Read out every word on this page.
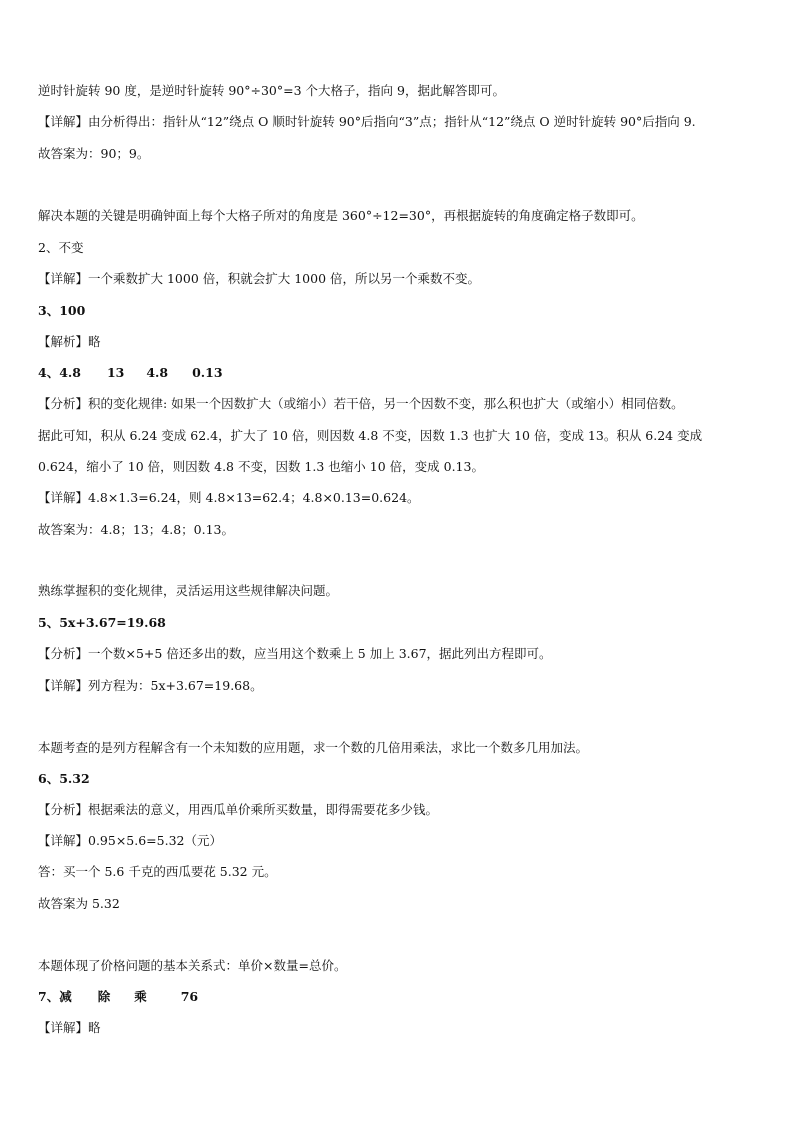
逆时针旋转 90 度，是逆时针旋转 90°÷30°=3 个大格子，指向 9，据此解答即可。
【详解】由分析得出：指针从“12”绕点 O 顺时针旋转 90°后指向“3”点；指针从“12”绕点 O 逆时针旋转 90°后指向 9.
故答案为：90；9。
解决本题的关键是明确钟面上每个大格子所对的角度是 360°÷12=30°，再根据旋转的角度确定格子数即可。
2、不变
【详解】一个乘数扩大 1000 倍，积就会扩大 1000 倍，所以另一个乘数不变。
3、100
【解析】略
4、4.8 13 4.8 0.13
【分析】积的变化规律: 如果一个因数扩大（或缩小）若干倍，另一个因数不变，那么积也扩大（或缩小）相同倍数。
据此可知，积从 6.24 变成 62.4，扩大了 10 倍，则因数 4.8 不变，因数 1.3 也扩大 10 倍，变成 13。积从 6.24 变成
0.624，缩小了 10 倍，则因数 4.8 不变，因数 1.3 也缩小 10 倍，变成 0.13。
【详解】4.8×1.3=6.24，则 4.8×13=62.4；4.8×0.13=0.624。
故答案为：4.8；13；4.8；0.13。
熟练掌握积的变化规律，灵活运用这些规律解决问题。
5、5x+3.67=19.68
【分析】一个数×5+5 倍还多出的数，应当用这个数乘上 5 加上 3.67，据此列出方程即可。
【详解】列方程为：5x+3.67=19.68。
本题考查的是列方程解含有一个未知数的应用题，求一个数的几倍用乘法，求比一个数多几用加法。
6、5.32
【分析】根据乘法的意义，用西瓜单价乘所买数量，即得需要花多少钱。
【详解】0.95×5.6=5.32（元）
答：买一个 5.6 千克的西瓜要花 5.32 元。
故答案为 5.32
本题体现了价格问题的基本关系式：单价×数量=总价。
7、减 除 乘	76
【详解】略
